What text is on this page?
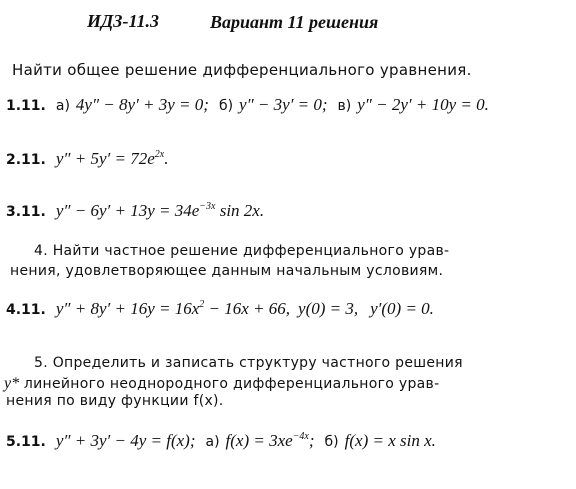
ИДЗ-11.3	Вариант 11 решения
Найти общее решение дифференциального уравнения.
1.11. а) 4y″ − 8y′ + 3y = 0; б) y″ − 3y′ = 0; в) y″ − 2y′ + 10y = 0.
2.11. $y'' + 5y' = 72e^{2x}$.
3.11. $y'' - 6y' + 13y = 34e^{-3x}$ sin 2x.
4. Найти частное решение дифференциального урав-
нения, удовлетворяющее данным начальным условиям.
4.11. $y'' + 8y' + 16y = 16x^2 - 16x + 66$, y(0) = 3, y′(0) = 0.
5. Определить и записать структуру частного решения
y* линейного неоднородного дифференциального урав-
нения по виду функции f(x).
5.11. y″ + 3y′ − 4y = f(x); а) $f(x) = 3xe^{-4x}$; б) f(x) = x sin x.
